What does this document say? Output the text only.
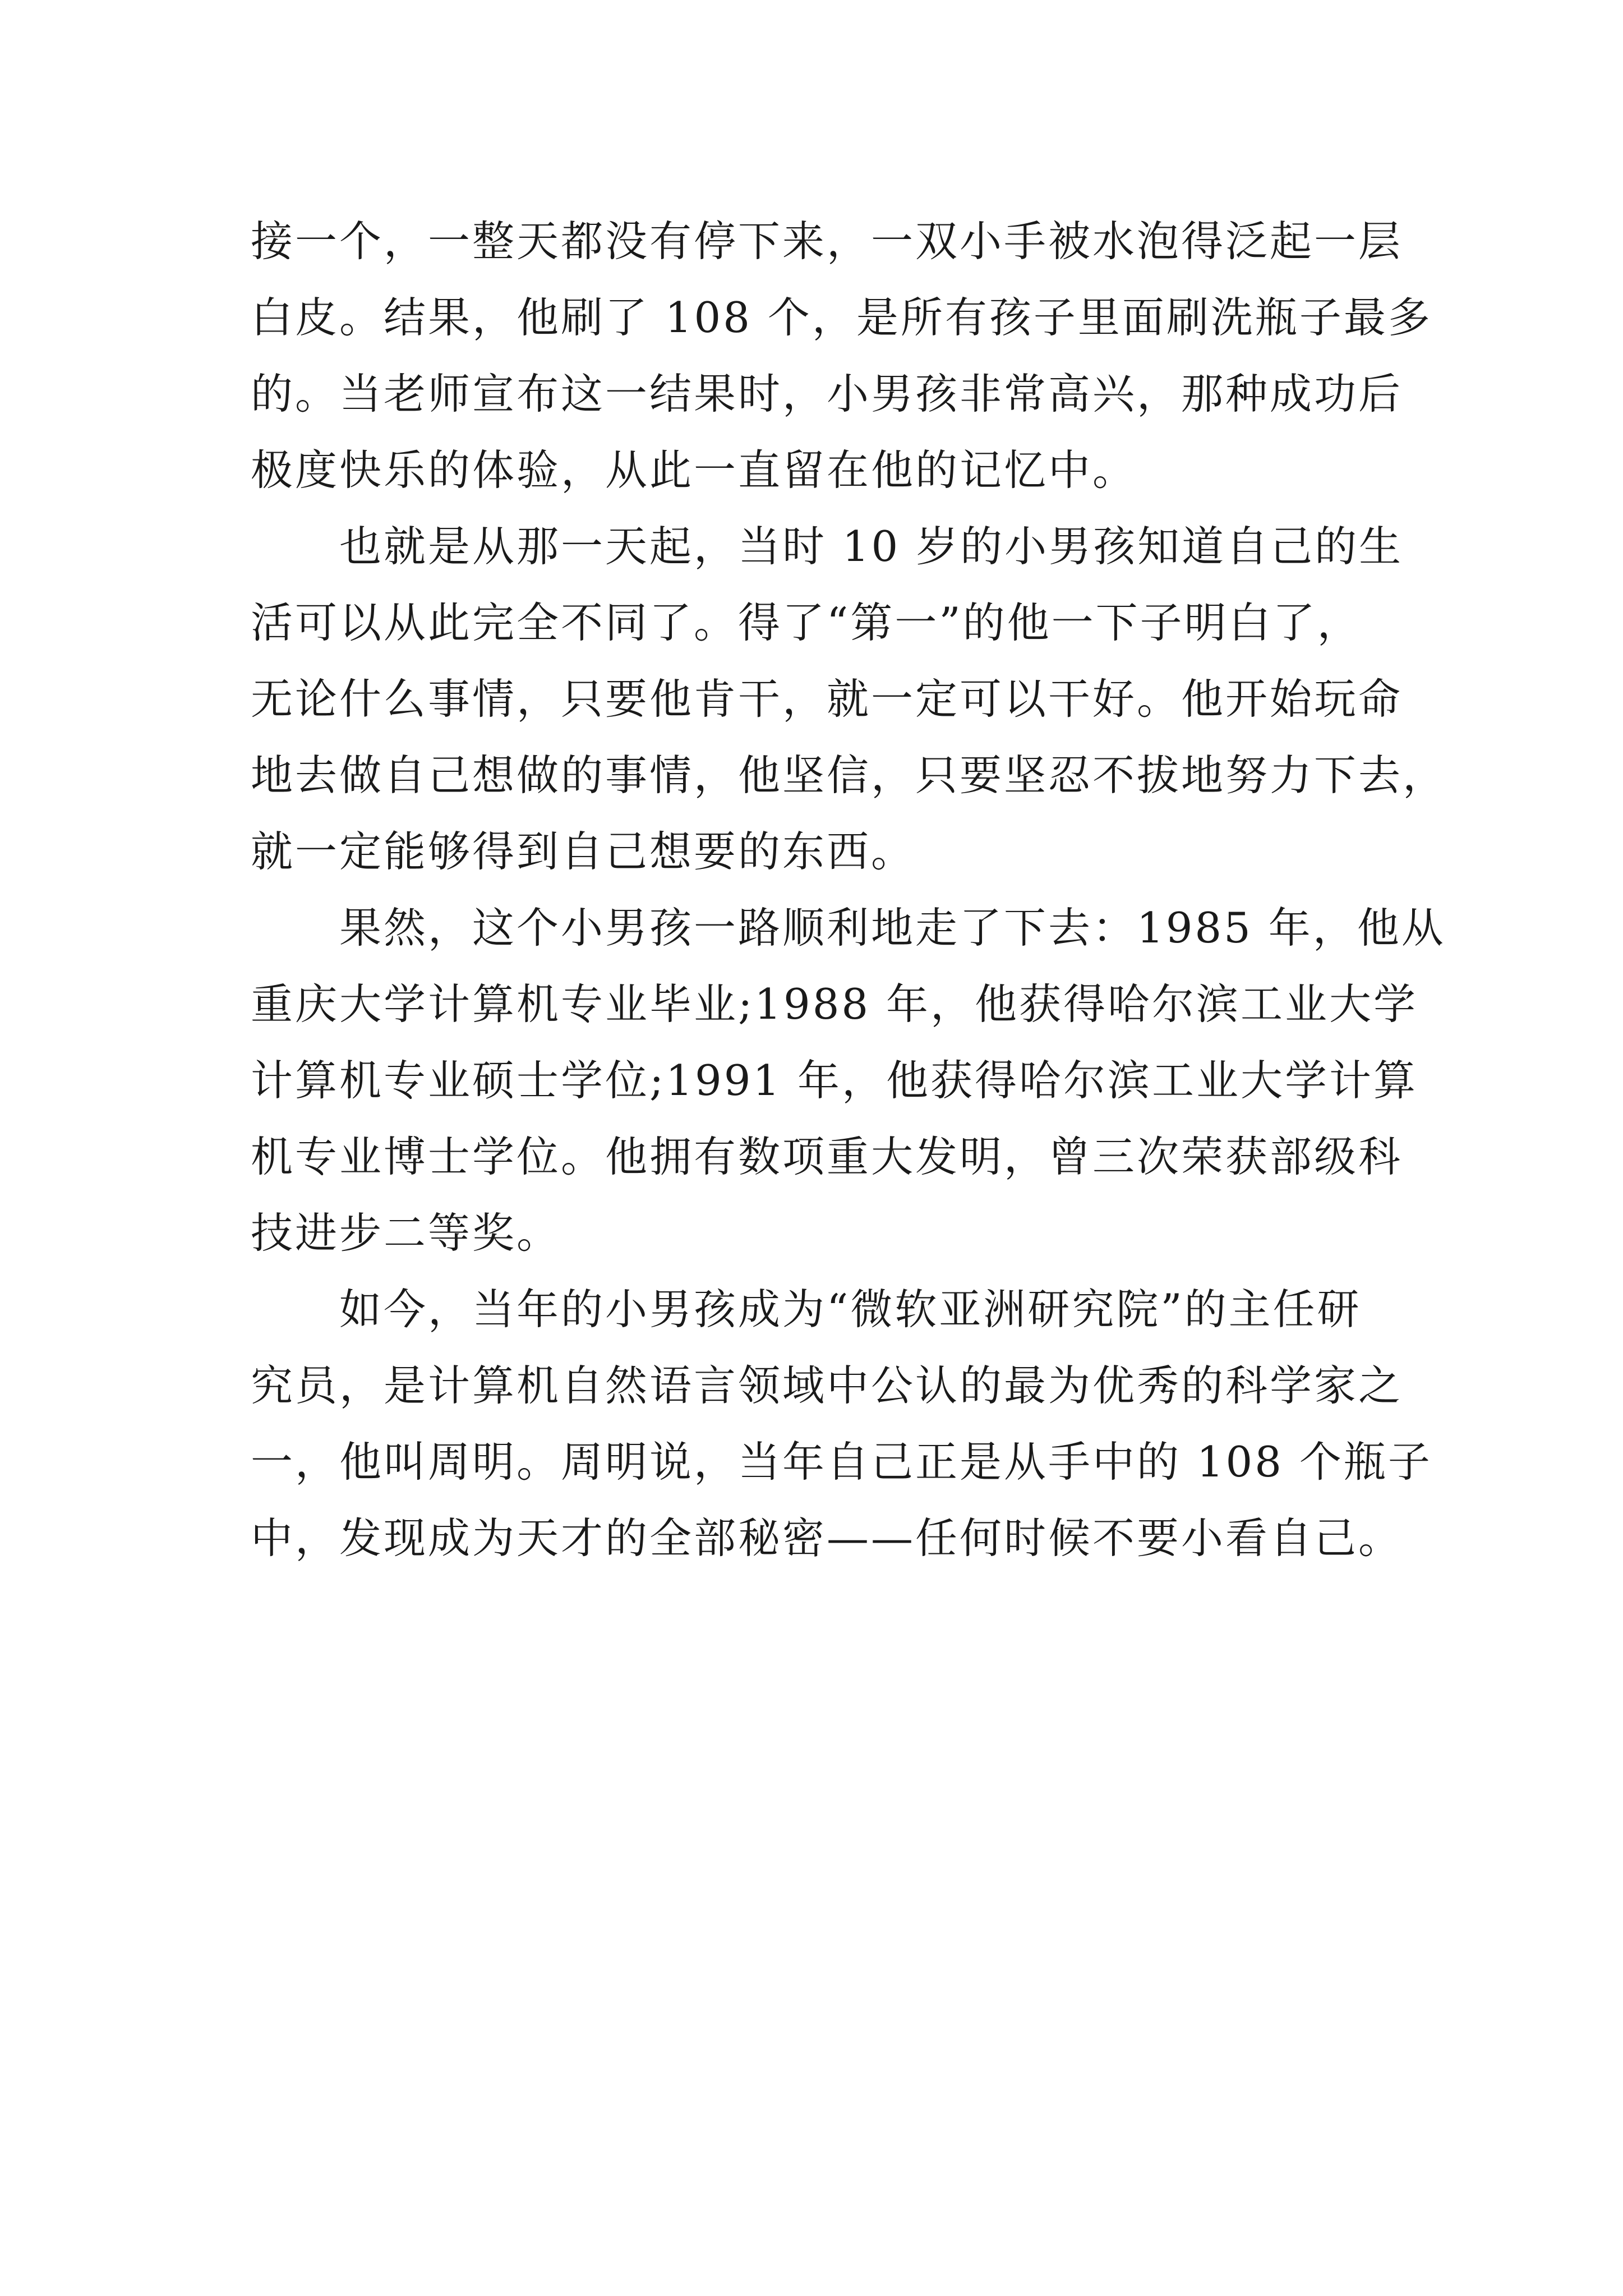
接一个，一整天都没有停下来，一双小手被水泡得泛起一层
白皮。结果，他刷了 108 个，是所有孩子里面刷洗瓶子最多
的。当老师宣布这一结果时，小男孩非常高兴，那种成功后
极度快乐的体验，从此一直留在他的记忆中。
　　也就是从那一天起，当时 10 岁的小男孩知道自己的生
活可以从此完全不同了。得了“第一”的他一下子明白了，
无论什么事情，只要他肯干，就一定可以干好。他开始玩命
地去做自己想做的事情，他坚信，只要坚忍不拔地努力下去，
就一定能够得到自己想要的东西。
　　果然，这个小男孩一路顺利地走了下去：1985 年，他从
重庆大学计算机专业毕业;1988 年，他获得哈尔滨工业大学
计算机专业硕士学位;1991 年，他获得哈尔滨工业大学计算
机专业博士学位。他拥有数项重大发明，曾三次荣获部级科
技进步二等奖。
　　如今，当年的小男孩成为“微软亚洲研究院”的主任研
究员，是计算机自然语言领域中公认的最为优秀的科学家之
一，他叫周明。周明说，当年自己正是从手中的 108 个瓶子
中，发现成为天才的全部秘密——任何时候不要小看自己。
